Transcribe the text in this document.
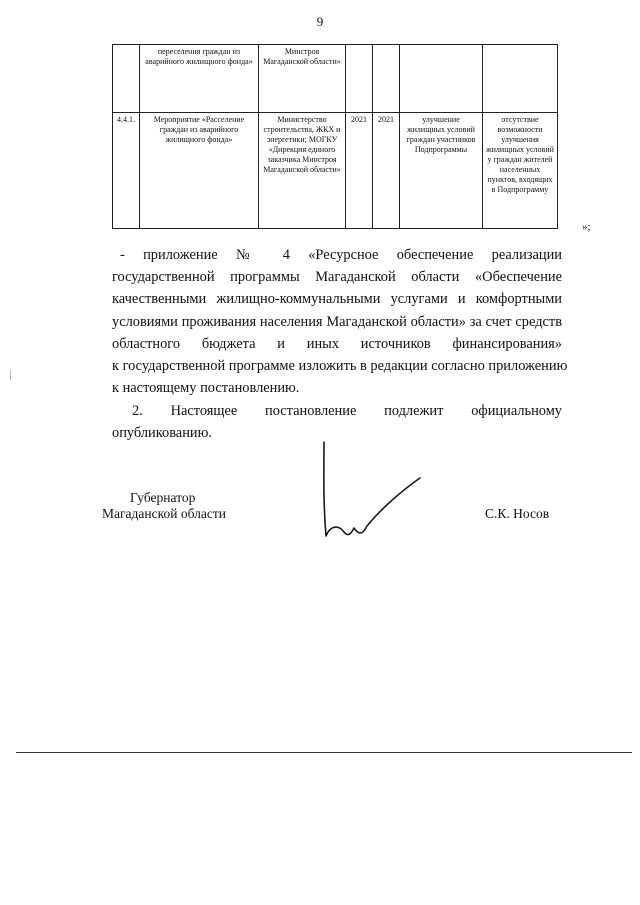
9
	переселения граждан из аварийного жилищного фонда»	Минстроя Магаданской области»				
4.4.1.	Мероприятие «Расселение граждан из аварийного жилищного фонда»	Министерство строительства, ЖКХ и энергетики; МОГКУ «Дирекция единого заказчика Минстроя Магаданской области»	2021	2021	улучшение жилищных условий граждан участников Подпрограммы	отсутствие возможности улучшения жилищных условий у граждан жителей населенных пунктов, входящих в Подпрограмму
»;
- приложение № 4 «Ресурсное обеспечение реализации
государственной программы Магаданской области «Обеспечение
качественными жилищно-коммунальными услугами и комфортными
условиями проживания населения Магаданской области» за счет средств
областного бюджета и иных источников финансирования»
к государственной программе изложить в редакции согласно приложению
к настоящему постановлению.
2. Настоящее постановление подлежит официальному
опубликованию.
Губернатор
Магаданской области	С.К. Носов
